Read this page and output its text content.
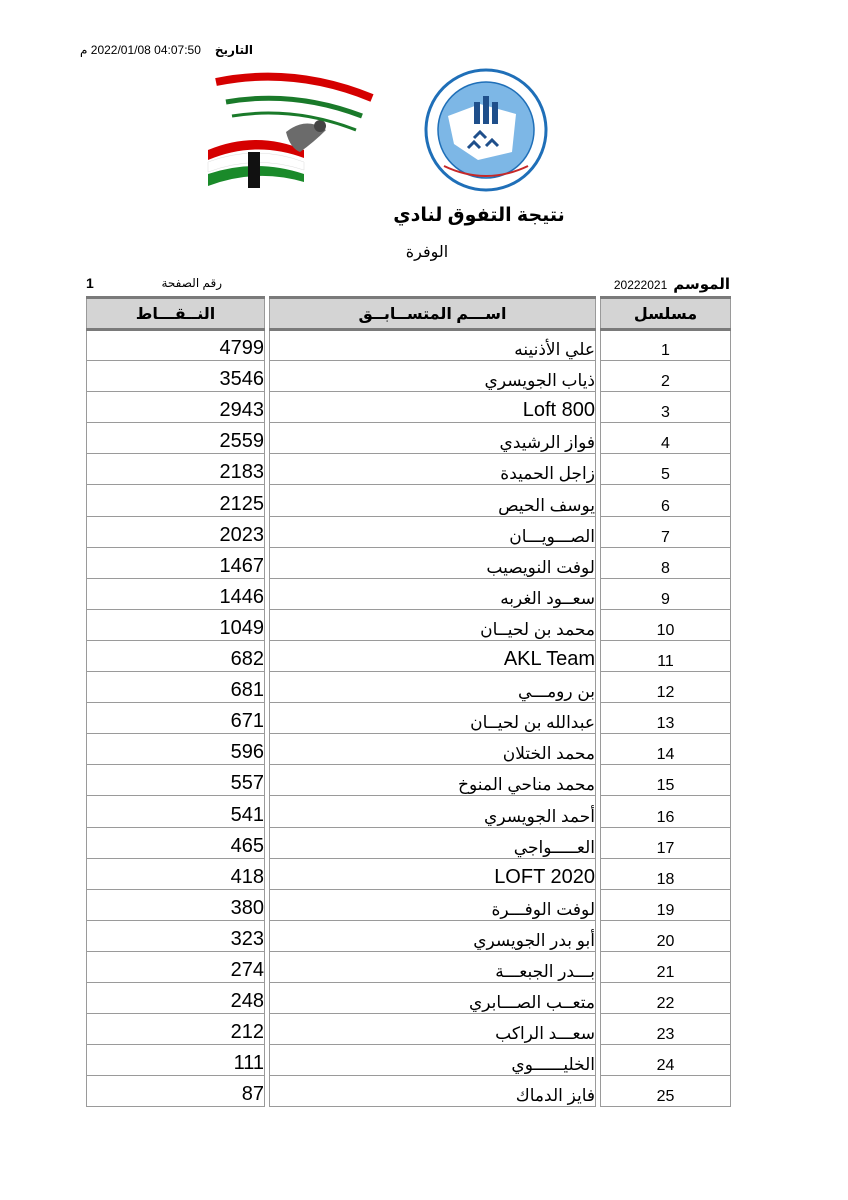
التاريخ04:07:50 2022/01/08 م
نتيجة التفوق لنادي
الوفرة
الموسم20222021
1	رقم الصفحة
النــقـــاط		اســـم المتســابــق		مسلسل
4799		علي الأذنينه		1
3546		ذياب الجويسري		2
2943		Loft 800		3
2559		فواز الرشيدي		4
2183		زاجل الحميدة		5
2125		يوسف الحيص		6
2023		الصـــويـــان		7
1467		لوفت النويصيب		8
1446		سعــود الغربه		9
1049		محمد بن لحيــان		10
682		AKL Team		11
681		بن رومـــي		12
671		عبدالله بن لحيــان		13
596		محمد الختلان		14
557		محمد مناحي المنوخ		15
541		أحمد الجويسري		16
465		العـــــواجي		17
418		LOFT 2020		18
380		لوفت الوفـــرة		19
323		أبو بدر الجويسري		20
274		بـــدر الجبعـــة		21
248		متعــب الصـــابري		22
212		سعـــد الراكب		23
111		الخليــــــوي		24
87		فايز الدماك		25
